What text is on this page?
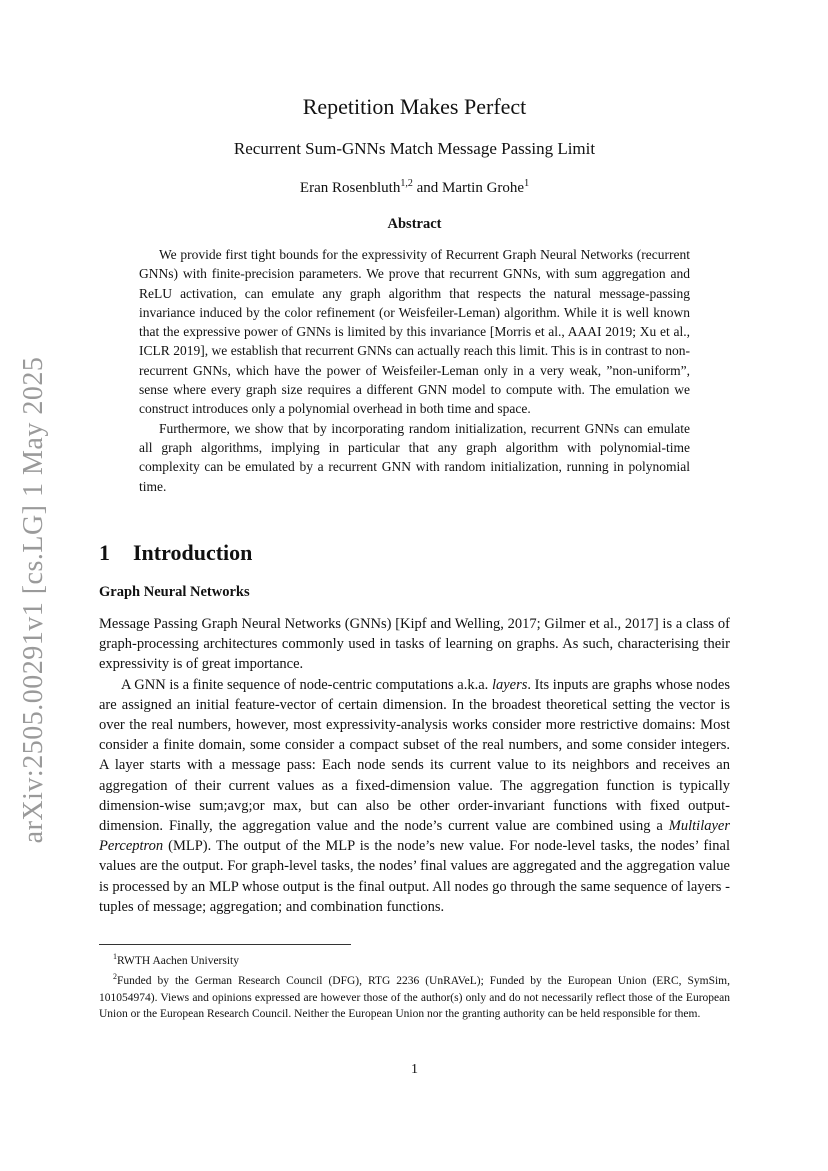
arXiv:2505.00291v1 [cs.LG] 1 May 2025
Repetition Makes Perfect
Recurrent Sum-GNNs Match Message Passing Limit
Eran Rosenbluth$^{1,2}$ and Martin Grohe$^1$
Abstract

We provide first tight bounds for the expressivity of Recurrent Graph Neural Networks (recurrent GNNs) with finite-precision parameters. We prove that recurrent GNNs, with sum aggregation and ReLU activation, can emulate any graph algorithm that respects the natural message-passing invariance induced by the color refinement (or Weisfeiler-Leman) algorithm. While it is well known that the expressive power of GNNs is limited by this invariance [Morris et al., AAAI 2019; Xu et al., ICLR 2019], we establish that recurrent GNNs can actually reach this limit. This is in contrast to non-recurrent GNNs, which have the power of Weisfeiler-Leman only in a very weak, ”non-uniform”, sense where every graph size requires a different GNN model to compute with. The emulation we construct introduces only a polynomial overhead in both time and space.

Furthermore, we show that by incorporating random initialization, recurrent GNNs can emulate all graph algorithms, implying in particular that any graph algorithm with polynomial-time complexity can be emulated by a recurrent GNN with random initialization, running in polynomial time.

1 Introduction
Graph Neural Networks

Message Passing Graph Neural Networks (GNNs) [Kipf and Welling, 2017; Gilmer et al., 2017] is a class of graph-processing architectures commonly used in tasks of learning on graphs. As such, characterising their expressivity is of great importance.

A GNN is a finite sequence of node-centric computations a.k.a. layers. Its inputs are graphs whose nodes are assigned an initial feature-vector of certain dimension. In the broadest theoretical setting the vector is over the real numbers, however, most expressivity-analysis works consider more restrictive domains: Most consider a finite domain, some consider a compact subset of the real numbers, and some consider integers. A layer starts with a message pass: Each node sends its current value to its neighbors and receives an aggregation of their current values as a fixed-dimension value. The aggregation function is typically dimension-wise sum;avg;or max, but can also be other order-invariant functions with fixed output-dimension. Finally, the aggregation value and the node’s current value are combined using a Multilayer Perceptron (MLP). The output of the MLP is the node’s new value. For node-level tasks, the nodes’ final values are the output. For graph-level tasks, the nodes’ final values are aggregated and the aggregation value is processed by an MLP whose output is the final output. All nodes go through the same sequence of layers - tuples of message; aggregation; and combination functions.

$^1$RWTH Aachen University

$^2$Funded by the German Research Council (DFG), RTG 2236 (UnRAVeL); Funded by the European Union (ERC, SymSim, 101054974). Views and opinions expressed are however those of the author(s) only and do not necessarily reflect those of the European Union or the European Research Council. Neither the European Union nor the granting authority can be held responsible for them.

1
